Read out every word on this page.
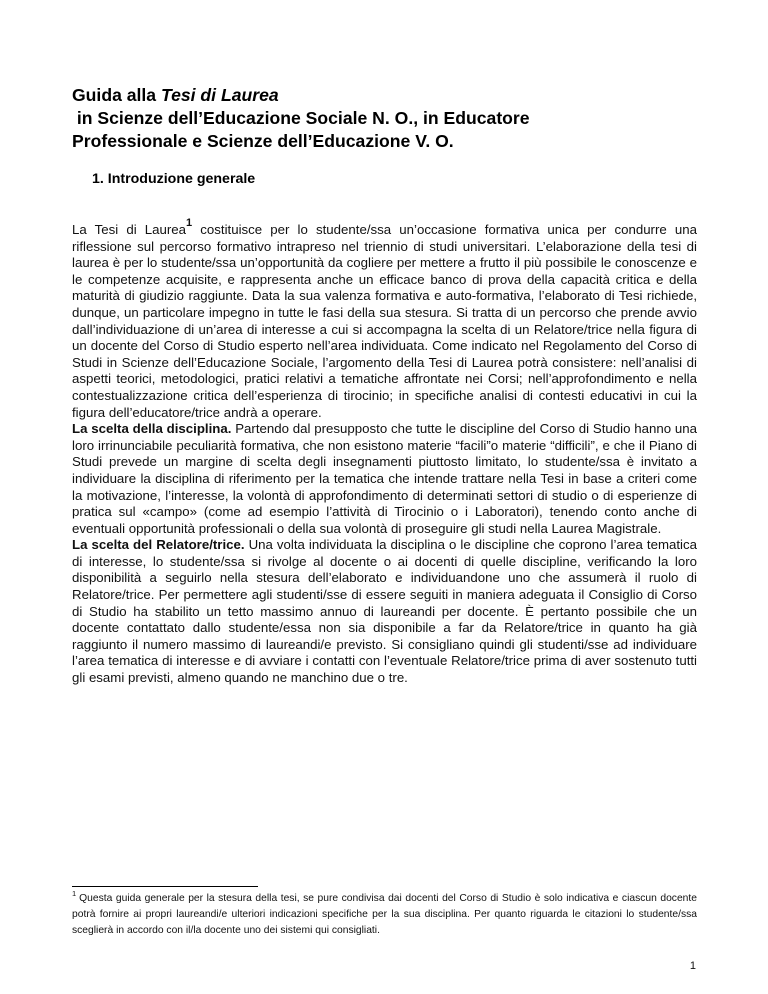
Guida alla Tesi di Laurea
in Scienze dell’Educazione Sociale N. O., in Educatore
Professionale e Scienze dell’Educazione V. O.
1. Introduzione generale

La Tesi di Laurea$^1$ costituisce per lo studente/ssa un’occasione formativa unica per condurre una riflessione sul percorso formativo intrapreso nel triennio di studi universitari. L’elaborazione della tesi di laurea è per lo studente/ssa un’opportunità da cogliere per mettere a frutto il più possibile le conoscenze e le competenze acquisite, e rappresenta anche un efficace banco di prova della capacità critica e della maturità di giudizio raggiunte. Data la sua valenza formativa e auto-formativa, l’elaborato di Tesi richiede, dunque, un particolare impegno in tutte le fasi della sua stesura. Si tratta di un percorso che prende avvio dall’individuazione di un’area di interesse a cui si accompagna la scelta di un Relatore/trice nella figura di un docente del Corso di Studio esperto nell’area individuata. Come indicato nel Regolamento del Corso di Studi in Scienze dell’Educazione Sociale, l’argomento della Tesi di Laurea potrà consistere: nell’analisi di aspetti teorici, metodologici, pratici relativi a tematiche affrontate nei Corsi; nell’approfondimento e nella contestualizzazione critica dell’esperienza di tirocinio; in specifiche analisi di contesti educativi in cui la figura dell’educatore/trice andrà a operare.

La scelta della disciplina. Partendo dal presupposto che tutte le discipline del Corso di Studio hanno una loro irrinunciabile peculiarità formativa, che non esistono materie “facili”o materie “difficili”, e che il Piano di Studi prevede un margine di scelta degli insegnamenti piuttosto limitato, lo studente/ssa è invitato a individuare la disciplina di riferimento per la tematica che intende trattare nella Tesi in base a criteri come la motivazione, l’interesse, la volontà di approfondimento di determinati settori di studio o di esperienze di pratica sul «campo» (come ad esempio l’attività di Tirocinio o i Laboratori), tenendo conto anche di eventuali opportunità professionali o della sua volontà di proseguire gli studi nella Laurea Magistrale.

La scelta del Relatore/trice. Una volta individuata la disciplina o le discipline che coprono l’area tematica di interesse, lo studente/ssa si rivolge al docente o ai docenti di quelle discipline, verificando la loro disponibilità a seguirlo nella stesura dell’elaborato e individuandone uno che assumerà il ruolo di Relatore/trice. Per permettere agli studenti/sse di essere seguiti in maniera adeguata il Consiglio di Corso di Studio ha stabilito un tetto massimo annuo di laureandi per docente. È pertanto possibile che un docente contattato dallo studente/essa non sia disponibile a far da Relatore/trice in quanto ha già raggiunto il numero massimo di laureandi/e previsto. Si consigliano quindi gli studenti/sse ad individuare l’area tematica di interesse e di avviare i contatti con l’eventuale Relatore/trice prima di aver sostenuto tutti gli esami previsti, almeno quando ne manchino due o tre.

$^1$ Questa guida generale per la stesura della tesi, se pure condivisa dai docenti del Corso di Studio è solo indicativa e ciascun docente potrà fornire ai propri laureandi/e ulteriori indicazioni specifiche per la sua disciplina. Per quanto riguarda le citazioni lo studente/ssa sceglierà in accordo con il/la docente uno dei sistemi qui consigliati.
1
